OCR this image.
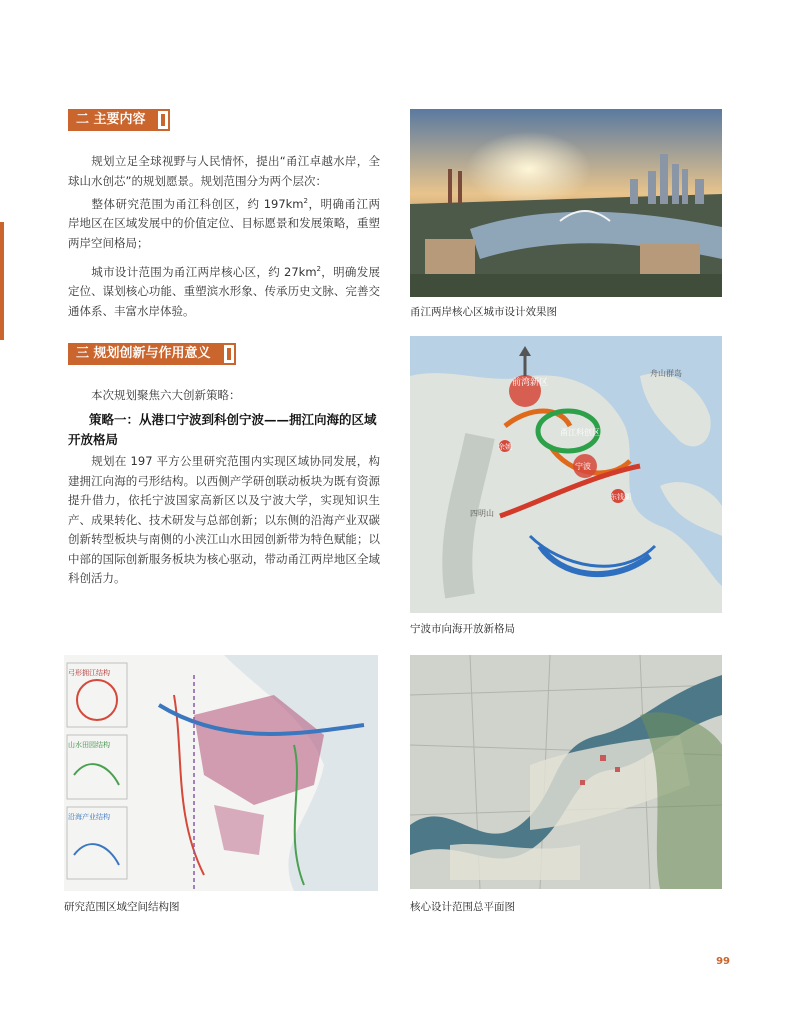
二 主要内容

规划立足全球视野与人民情怀，提出“甬江卓越水岸，全球山水创芯”的规划愿景。规划范围分为两个层次：

整体研究范围为甬江科创区，约 $197km^2$，明确甬江两岸地区在区域发展中的价值定位、目标愿景和发展策略，重塑两岸空间格局；

城市设计范围为甬江两岸核心区，约 $27km^2$，明确发展定位、谋划核心功能、重塑滨水形象、传承历史文脉、完善交通体系、丰富水岸体验。

三 规划创新与作用意义

本次规划聚焦六大创新策略：

策略一：从港口宁波到科创宁波——拥江向海的区域开放格局

规划在 197 平方公里研究范围内实现区域协同发展，构建拥江向海的弓形结构。以西侧产学研创联动板块为既有资源提升借力，依托宁波国家高新区以及宁波大学，实现知识生产、成果转化、技术研发与总部创新；以东侧的沿海产业双碳创新转型板块与南侧的小浃江山水田园创新带为特色赋能；以中部的国际创新服务板块为核心驱动，带动甬江两岸地区全域科创活力。

甬江两岸核心区城市设计效果图
前湾新区
舟山群岛
宁波
甬江科创区
余姚
东钱湖
四明山
宁波市向海开放新格局
弓形拥江结构
山水田园结构
沿海产业结构
研究范围区域空间结构图	核心设计范围总平面图
99
